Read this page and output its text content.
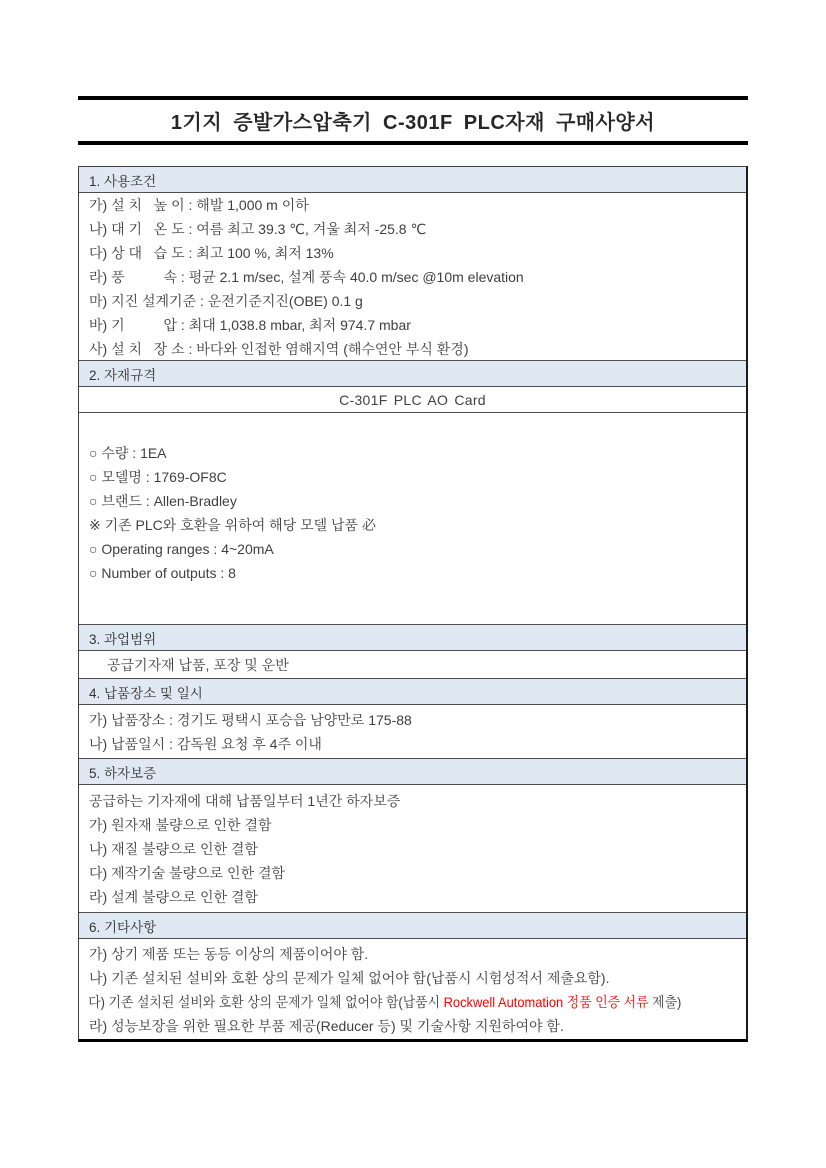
1기지 증발가스압축기 C-301F PLC자재 구매사양서
1. 사용조건
가) 설 치   높 이 : 해발 1,000 m 이하
나) 대 기   온 도 : 여름 최고 39.3 ℃, 겨울 최저 -25.8 ℃
다) 상 대   습 도 : 최고 100 %, 최저 13%
라) 풍          속 : 평균 2.1 m/sec, 설계 풍속 40.0 m/sec @10m elevation
마) 지진 설계기준 : 운전기준지진(OBE) 0.1 g
바) 기          압 : 최대 1,038.8 mbar, 최저 974.7 mbar
사) 설 치   장 소 : 바다와 인접한 염해지역 (해수연안 부식 환경)
2. 자재규격
C-301F PLC AO Card
○ 수량 : 1EA
○ 모델명 : 1769-OF8C
○ 브랜드 : Allen-Bradley
※ 기존 PLC와 호환을 위하여 해당 모델 납품 必
○ Operating ranges : 4~20mA
○ Number of outputs : 8
3. 과업범위
공급기자재 납품, 포장 및 운반
4. 납품장소 및 일시
가) 납품장소 : 경기도 평택시 포승읍 남양만로 175-88
나) 납품일시 : 감독원 요청 후 4주 이내
5. 하자보증
공급하는 기자재에 대해 납품일부터 1년간 하자보증
가) 원자재 불량으로 인한 결함
나) 재질 불량으로 인한 결함
다) 제작기술 불량으로 인한 결함
라) 설계 불량으로 인한 결함
6. 기타사항
가) 상기 제품 또는 동등 이상의 제품이어야 함.
나) 기존 설치된 설비와 호환 상의 문제가 일체 없어야 함(납품시 시험성적서 제출요함).
다) 기존 설치된 설비와 호환 상의 문제가 일체 없어야 함(납품시 Rockwell Automation 정품 인증 서류 제출)
라) 성능보장을 위한 필요한 부품 제공(Reducer 등) 및 기술사항 지원하여야 함.
